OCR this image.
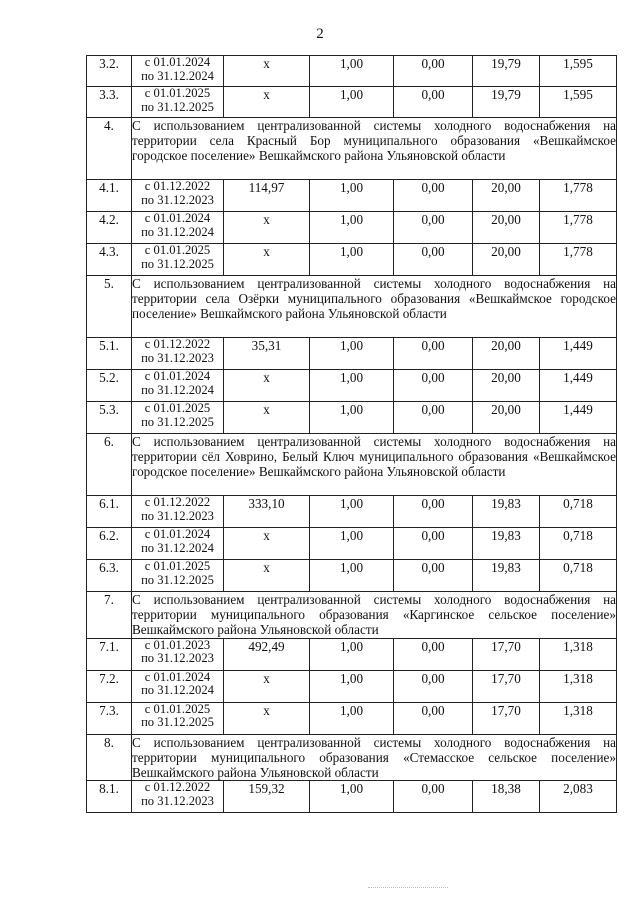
2
3.2.	с 01.01.2024
по 31.12.2024	х	1,00	0,00	19,79	1,595
3.3.	с 01.01.2025
по 31.12.2025	х	1,00	0,00	19,79	1,595
4.	С использованием централизованной системы холодного водоснабжения на территории села Красный Бор муниципального образования «Вешкаймское городское поселение» Вешкаймского района Ульяновской области					
4.1.	с 01.12.2022
по 31.12.2023	114,97	1,00	0,00	20,00	1,778
4.2.	с 01.01.2024
по 31.12.2024	х	1,00	0,00	20,00	1,778
4.3.	с 01.01.2025
по 31.12.2025	х	1,00	0,00	20,00	1,778
5.	С использованием централизованной системы холодного водоснабжения на территории села Озёрки муниципального образования «Вешкаймское городское поселение» Вешкаймского района Ульяновской области					
5.1.	с 01.12.2022
по 31.12.2023	35,31	1,00	0,00	20,00	1,449
5.2.	с 01.01.2024
по 31.12.2024	х	1,00	0,00	20,00	1,449
5.3.	с 01.01.2025
по 31.12.2025	х	1,00	0,00	20,00	1,449
6.	С использованием централизованной системы холодного водоснабжения на территории сёл Ховрино, Белый Ключ муниципального образования «Вешкаймское городское поселение» Вешкаймского района Ульяновской области					
6.1.	с 01.12.2022
по 31.12.2023	333,10	1,00	0,00	19,83	0,718
6.2.	с 01.01.2024
по 31.12.2024	х	1,00	0,00	19,83	0,718
6.3.	с 01.01.2025
по 31.12.2025	х	1,00	0,00	19,83	0,718
7.	С использованием централизованной системы холодного водоснабжения на территории муниципального образования «Каргинское сельское поселение» Вешкаймского района Ульяновской области					
7.1.	с 01.01.2023
по 31.12.2023	492,49	1,00	0,00	17,70	1,318
7.2.	с 01.01.2024
по 31.12.2024	х	1,00	0,00	17,70	1,318
7.3.	с 01.01.2025
по 31.12.2025	х	1,00	0,00	17,70	1,318
8.	С использованием централизованной системы холодного водоснабжения на территории муниципального образования «Стемасское сельское поселение» Вешкаймского района Ульяновской области					
8.1.	с 01.12.2022
по 31.12.2023	159,32	1,00	0,00	18,38	2,083
